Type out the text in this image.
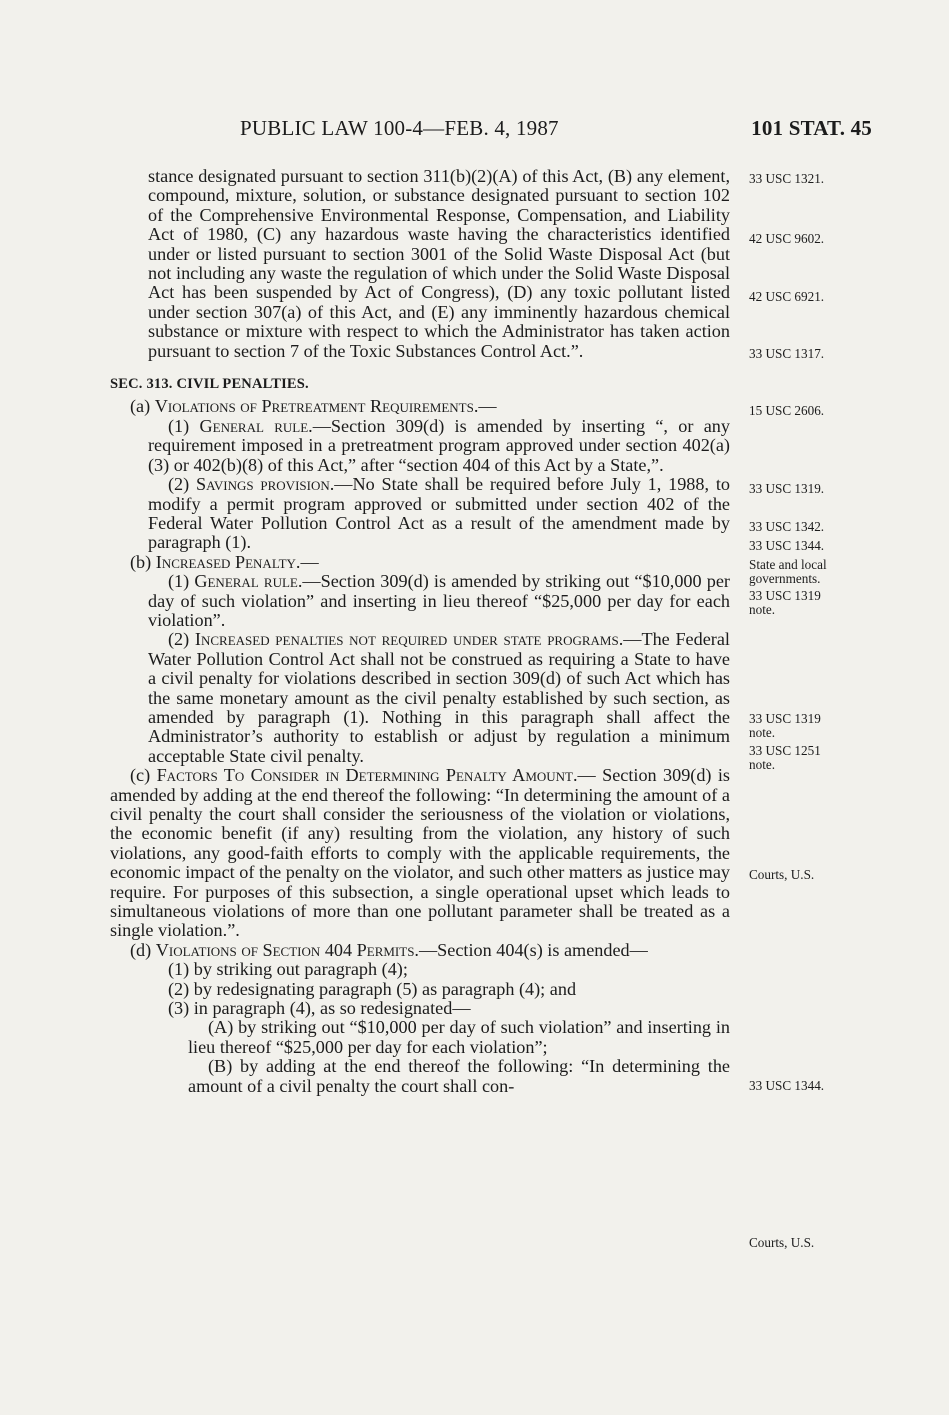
PUBLIC LAW 100-4—FEB. 4, 1987	101 STAT. 45

stance designated pursuant to section 311(b)(2)(A) of this Act, (B) any element, compound, mixture, solution, or substance designated pursuant to section 102 of the Comprehensive Environmental Response, Compensation, and Liability Act of 1980, (C) any hazardous waste having the characteristics identified under or listed pursuant to section 3001 of the Solid Waste Disposal Act (but not including any waste the regulation of which under the Solid Waste Disposal Act has been suspended by Act of Congress), (D) any toxic pollutant listed under section 307(a) of this Act, and (E) any imminently hazardous chemical substance or mixture with respect to which the Administrator has taken action pursuant to section 7 of the Toxic Substances Control Act.”.

SEC. 313. CIVIL PENALTIES.

(a) Violations of Pretreatment Requirements.—

(1) General rule.—Section 309(d) is amended by inserting “, or any requirement imposed in a pretreatment program approved under section 402(a)(3) or 402(b)(8) of this Act,” after “section 404 of this Act by a State,”.

(2) Savings provision.—No State shall be required before July 1, 1988, to modify a permit program approved or submitted under section 402 of the Federal Water Pollution Control Act as a result of the amendment made by paragraph (1).

(b) Increased Penalty.—

(1) General rule.—Section 309(d) is amended by striking out “$10,000 per day of such violation” and inserting in lieu thereof “$25,000 per day for each violation”.

(2) Increased penalties not required under state programs.—The Federal Water Pollution Control Act shall not be construed as requiring a State to have a civil penalty for violations described in section 309(d) of such Act which has the same monetary amount as the civil penalty established by such section, as amended by paragraph (1). Nothing in this paragraph shall affect the Administrator’s authority to establish or adjust by regulation a minimum acceptable State civil penalty.

(c) Factors To Consider in Determining Penalty Amount.— Section 309(d) is amended by adding at the end thereof the following: “In determining the amount of a civil penalty the court shall consider the seriousness of the violation or violations, the economic benefit (if any) resulting from the violation, any history of such violations, any good-faith efforts to comply with the applicable requirements, the economic impact of the penalty on the violator, and such other matters as justice may require. For purposes of this subsection, a single operational upset which leads to simultaneous violations of more than one pollutant parameter shall be treated as a single violation.”.

(d) Violations of Section 404 Permits.—Section 404(s) is amended—

(1) by striking out paragraph (4);

(2) by redesignating paragraph (5) as paragraph (4); and

(3) in paragraph (4), as so redesignated—

(A) by striking out “$10,000 per day of such violation” and inserting in lieu thereof “$25,000 per day for each violation”;

(B) by adding at the end thereof the following: “In determining the amount of a civil penalty the court shall con-

33 USC 1321.
42 USC 9602.
42 USC 6921.
33 USC 1317.
15 USC 2606.
33 USC 1319.
33 USC 1342.
33 USC 1344.
State and local governments.
33 USC 1319 note.
33 USC 1319 note.
33 USC 1251 note.
Courts, U.S.
33 USC 1344.
Courts, U.S.
